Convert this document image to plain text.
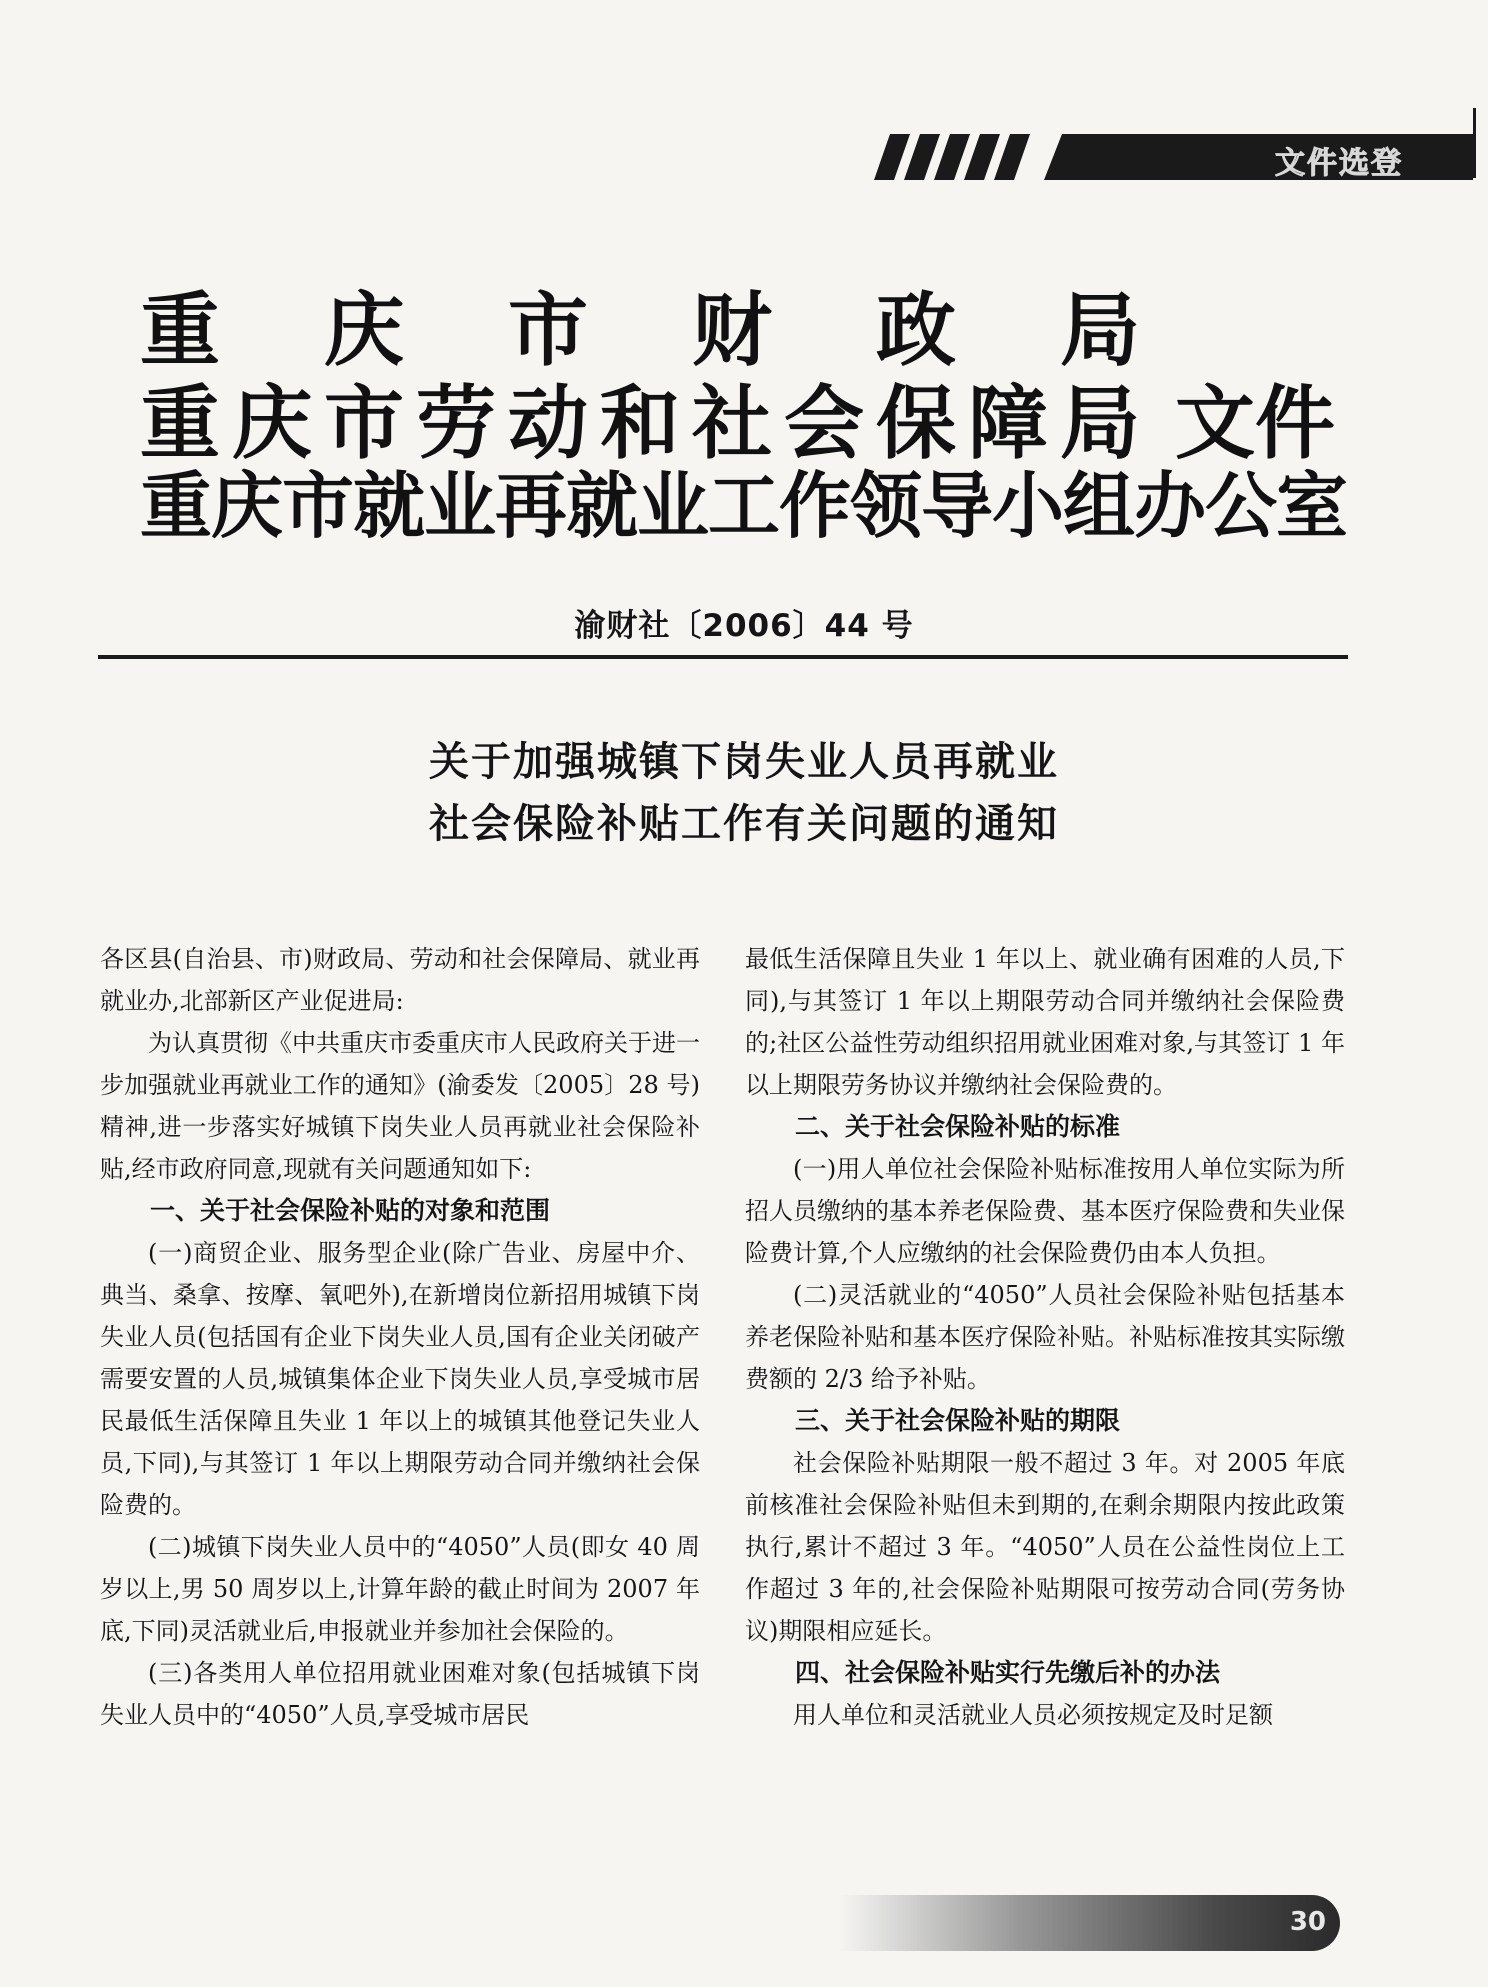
文件选登
重 庆 市 财 政 局
重 庆 市 劳 动 和 社 会 保 障 局
重庆市就业再就业工作领导小组办公室
文件
渝财社〔2006〕44 号
关于加强城镇下岗失业人员再就业
社会保险补贴工作有关问题的通知

各区县(自治县、市)财政局、劳动和社会保障局、就业再就业办,北部新区产业促进局:

为认真贯彻《中共重庆市委重庆市人民政府关于进一步加强就业再就业工作的通知》(渝委发〔2005〕28 号)精神,进一步落实好城镇下岗失业人员再就业社会保险补贴,经市政府同意,现就有关问题通知如下:

一、关于社会保险补贴的对象和范围

(一)商贸企业、服务型企业(除广告业、房屋中介、典当、桑拿、按摩、氧吧外),在新增岗位新招用城镇下岗失业人员(包括国有企业下岗失业人员,国有企业关闭破产需要安置的人员,城镇集体企业下岗失业人员,享受城市居民最低生活保障且失业 1 年以上的城镇其他登记失业人员,下同),与其签订 1 年以上期限劳动合同并缴纳社会保险费的。

(二)城镇下岗失业人员中的“4050”人员(即女 40 周岁以上,男 50 周岁以上,计算年龄的截止时间为 2007 年底,下同)灵活就业后,申报就业并参加社会保险的。

(三)各类用人单位招用就业困难对象(包括城镇下岗失业人员中的“4050”人员,享受城市居民

最低生活保障且失业 1 年以上、就业确有困难的人员,下同),与其签订 1 年以上期限劳动合同并缴纳社会保险费的;社区公益性劳动组织招用就业困难对象,与其签订 1 年以上期限劳务协议并缴纳社会保险费的。

二、关于社会保险补贴的标准

(一)用人单位社会保险补贴标准按用人单位实际为所招人员缴纳的基本养老保险费、基本医疗保险费和失业保险费计算,个人应缴纳的社会保险费仍由本人负担。

(二)灵活就业的“4050”人员社会保险补贴包括基本养老保险补贴和基本医疗保险补贴。补贴标准按其实际缴费额的 2/3 给予补贴。

三、关于社会保险补贴的期限

社会保险补贴期限一般不超过 3 年。对 2005 年底前核准社会保险补贴但未到期的,在剩余期限内按此政策执行,累计不超过 3 年。“4050”人员在公益性岗位上工作超过 3 年的,社会保险补贴期限可按劳动合同(劳务协议)期限相应延长。

四、社会保险补贴实行先缴后补的办法

用人单位和灵活就业人员必须按规定及时足额

30
